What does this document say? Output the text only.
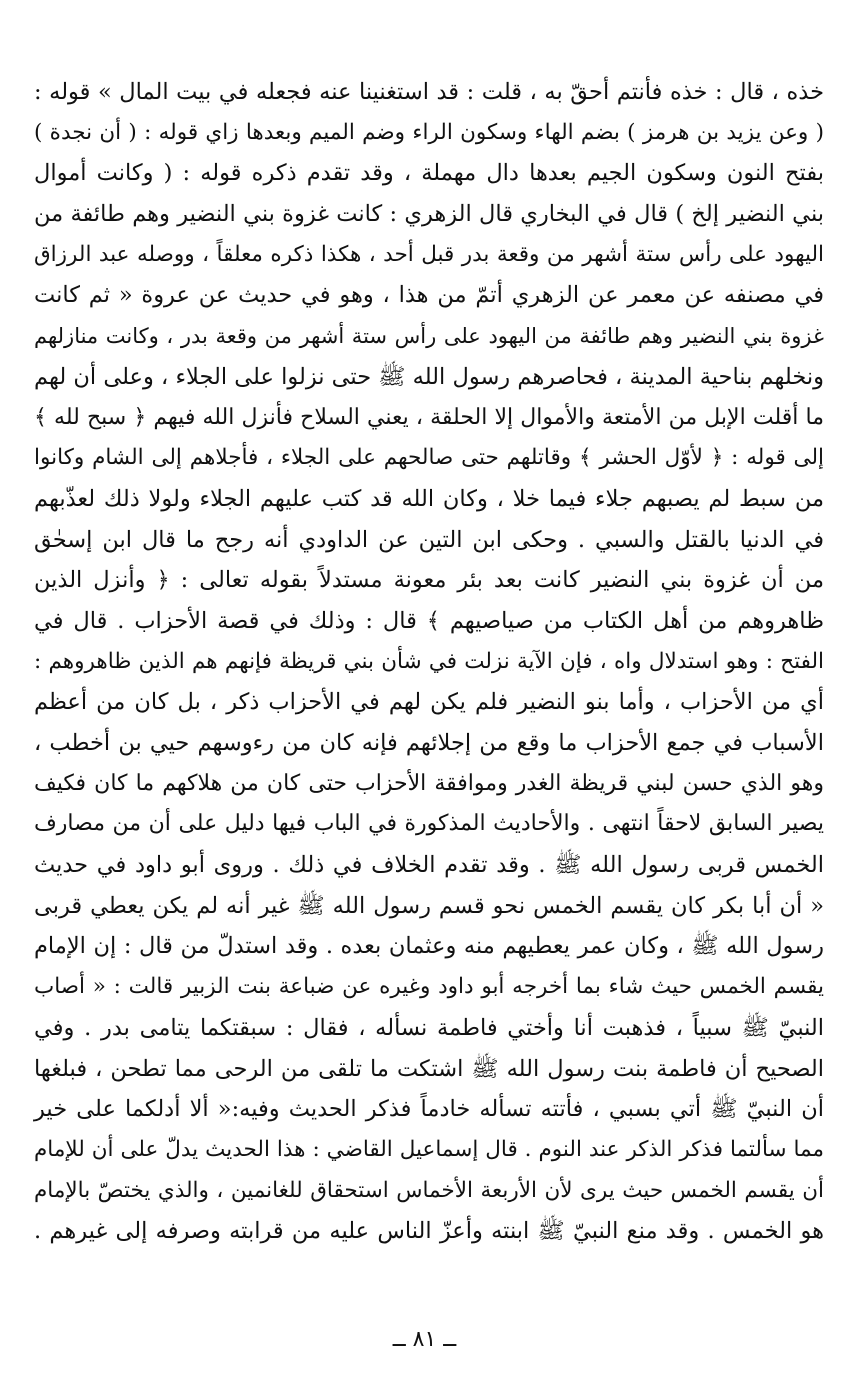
خذه ، قال : خذه فأنتم أحقّ به ، قلت : قد استغنينا عنه فجعله في بيت المال » قوله :
( وعن يزيد بن هرمز ) بضم الهاء وسكون الراء وضم الميم وبعدها زاي قوله : ( أن نجدة )
بفتح النون وسكون الجيم بعدها دال مهملة ، وقد تقدم ذكره قوله : ( وكانت أموال
بني النضير إلخ ) قال في البخاري قال الزهري : كانت غزوة بني النضير وهم طائفة من
اليهود على رأس ستة أشهر من وقعة بدر قبل أحد ، هكذا ذكره معلقاً ، ووصله عبد الرزاق
في مصنفه عن معمر عن الزهري أتمّ من هذا ، وهو في حديث عن عروة « ثم كانت
غزوة بني النضير وهم طائفة من اليهود على رأس ستة أشهر من وقعة بدر ، وكانت منازلهم
ونخلهم بناحية المدينة ، فحاصرهم رسول الله ﷺ حتى نزلوا على الجلاء ، وعلى أن لهم
ما أقلت الإبل من الأمتعة والأموال إلا الحلقة ، يعني السلاح فأنزل الله فيهم ﴿ سبح لله ﴾
إلى قوله : ﴿ لأوّل الحشر ﴾ وقاتلهم حتى صالحهم على الجلاء ، فأجلاهم إلى الشام وكانوا
من سبط لم يصبهم جلاء فيما خلا ، وكان الله قد كتب عليهم الجلاء ولولا ذلك لعذّبهم
في الدنيا بالقتل والسبي . وحكى ابن التين عن الداودي أنه رجح ما قال ابن إسحٰق
من أن غزوة بني النضير كانت بعد بئر معونة مستدلاً بقوله تعالى : ﴿ وأنزل الذين
ظاهروهم من أهل الكتاب من صياصيهم ﴾ قال : وذلك في قصة الأحزاب . قال في
الفتح : وهو استدلال واه ، فإن الآية نزلت في شأن بني قريظة فإنهم هم الذين ظاهروهم :
أي من الأحزاب ، وأما بنو النضير فلم يكن لهم في الأحزاب ذكر ، بل كان من أعظم
الأسباب في جمع الأحزاب ما وقع من إجلائهم فإنه كان من رءوسهم حيي بن أخطب ،
وهو الذي حسن لبني قريظة الغدر وموافقة الأحزاب حتى كان من هلاكهم ما كان فكيف
يصير السابق لاحقاً انتهى . والأحاديث المذكورة في الباب فيها دليل على أن من مصارف
الخمس قربى رسول الله ﷺ . وقد تقدم الخلاف في ذلك . وروى أبو داود في حديث
« أن أبا بكر كان يقسم الخمس نحو قسم رسول الله ﷺ غير أنه لم يكن يعطي قربى
رسول الله ﷺ ، وكان عمر يعطيهم منه وعثمان بعده . وقد استدلّ من قال : إن الإمام
يقسم الخمس حيث شاء بما أخرجه أبو داود وغيره عن ضباعة بنت الزبير قالت : « أصاب
النبيّ ﷺ سبياً ، فذهبت أنا وأختي فاطمة نسأله ، فقال : سبقتكما يتامى بدر . وفي
الصحيح أن فاطمة بنت رسول الله ﷺ اشتكت ما تلقى من الرحى مما تطحن ، فبلغها
أن النبيّ ﷺ أتي بسبي ، فأتته تسأله خادماً فذكر الحديث وفيه:« ألا أدلكما على خير
مما سألتما فذكر الذكر عند النوم . قال إسماعيل القاضي : هذا الحديث يدلّ على أن للإمام
أن يقسم الخمس حيث يرى لأن الأربعة الأخماس استحقاق للغانمين ، والذي يختصّ بالإمام
هو الخمس . وقد منع النبيّ ﷺ ابنته وأعزّ الناس عليه من قرابته وصرفه إلى غيرهم .
ــ ٨١ ــ
